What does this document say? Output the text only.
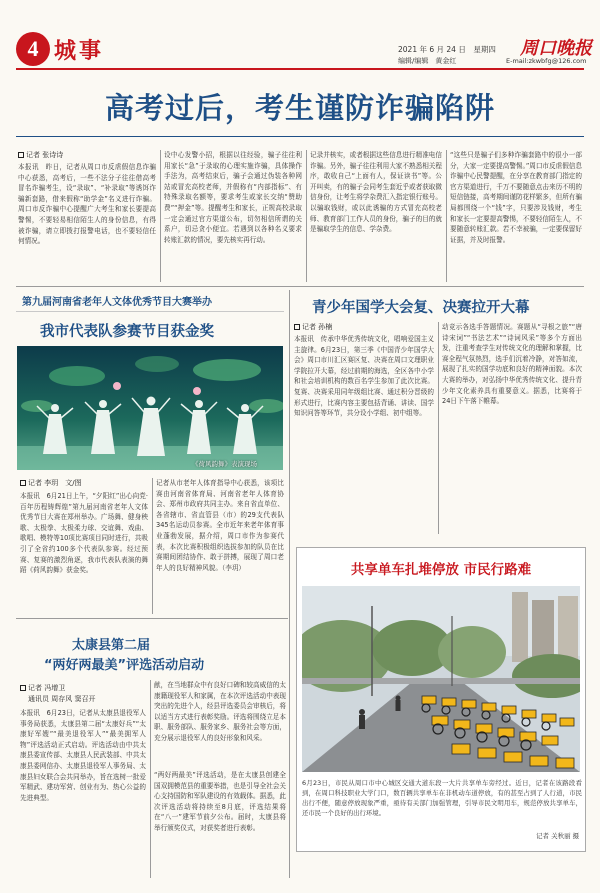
4 城事	2021 年 6 月 24 日　星期四
编辑/编辑　黄金红
周口晚报
E-mail:zkwbfg@126.com
高考过后，考生谨防诈骗陷阱
记者 张诗诗
本报讯　昨日，记者从周口市反虐假信息诈骗中心获悉，高考后，一些不法分子往往借高考冒名诈骗考生，设“录取”、“补录取”等诱饵诈骗新套路，借来假称“助学金”名义进行诈骗。周口市反诈骗中心提醒广大考生和家长要提高警惕，不要轻易相信陌生人的身份信息，有得被诈骗，请立即拨打报警电话，也不要轻信任何情况。
设中心发警小招，根据以往经验，骗子往往利用家长“急”于录取的心理实施诈骗，具体操作手法为，高考结束后，骗子会通过伪装各种网站或冒充高校老师，并假称有“内部指标”、有特殊录取名额等，要求考生或家长交纳“赞助费”“押金”等。提醒考生和家长，正规高校录取一定会通过官方渠道公布，切勿相信所谓的关系户，切忌贪小便宜。若遇到以各种名义要求转账汇款的情况，要先核实再行动。
记录并核实，或者根据这些信息进行精准电信诈骗。另外，骗子往往利用大家不熟悉相关程序，敢收自己“上面有人，保证读书”等。公开叫卖，有的骗子会同考生套近乎或者获取微信身份，让考生将学杂费汇入指定银行账号。以骗取钱财，或以此诱骗的方式冒充高校老师、教育部门工作人员的身份，骗子的目的就是骗取学生的信息、学杂费。
“这些只是骗子们多种诈骗套路中的很小一部分，大家一定要提高警惕。”周口市反虐假信息诈骗中心民警提醒，在分享在教育部门指定的官方渠道进行，千万不要随意点击来历不明的短信链接，高考期间谨防花样繁多，但所有骗局都围绕一个“钱”字，只要涉及钱财，考生和家长一定要提高警惕，不要轻信陌生人，不要随意转账汇款。若不幸被骗，一定要保留好证据，并及时报警。
第九届河南省老年人文体优秀节目大赛举办
我市代表队参赛节目获金奖
《荷风韵舞》表演现场
记者 李玥　文/图
本报讯　6月21日上午，“夕阳红”出心向党·百年历程铸辉煌”第九届河南省老年人文体优秀节目大赛在郑州举办。广场舞、健身秧歌、太极拳、太极柔力球、交谊舞、戏曲、歌唱、模特等10项比赛项目同时进行，共吸引了全省约100多个代表队参赛。经过预赛、复赛的激烈角逐，我市代表队表演的舞蹈《荷风韵舞》获金奖。
记者从市老年人体育指导中心获悉，该项比赛由河南省体育局、河南省老年人体育协会、郑州市政府共同主办。来自省直单位、各省辖市、省直管县（市）的29支代表队345名运动员参赛。全市近年来老年体育事业蓬勃发展，据介绍，周口市作为参赛代表，本次比赛积极组织选拔参加的队员在比赛期间团结协作、敢于拼搏，展现了周口老年人的良好精神风貌。（李玥）
青少年国学大会复、决赛拉开大幕
记者 孙楠
本报讯　传承中华优秀传统文化，唱响爱国主义主旋律。6月23日，第三季《中国青少年国学大会》周口市川汇区赛区复、决赛在周口文理职业学院拉开大幕，经过前期的海选，全区各中小学和社会培训机构的数百名学生参加了此次比赛。复赛、决赛采用同年级组比赛、通过积分晋级的形式进行，比赛内容主要包括背诵、讲读、国学知识问答等环节，共分设小学组、初中组等。
动竞示各选手答题情况。赛题从“寻根之旅”“唐诗宋词”“书法艺术”“诗词风采”等多个方面出发，注重考查学生对传统文化的理解和掌握，比赛全程气氛热烈，选手们沉着冷静，对答如流，展现了扎实的国学功底和良好的精神面貌。本次大赛的举办，对弘扬中华优秀传统文化、提升青少年文化素养具有重要意义。据悉，比赛将于24日下午落下帷幕。
太康县第二届
“两好两最美”评选活动启动
记者 冯增卫
通讯员 周存风 窦召开
本报讯　6月23日，记者从太康县退役军人事务局获悉，太康县第二届“太康好兵”“太康好军嫂”“最美退役军人”“最美拥军人物”评选活动正式启动。评选活动由中共太康县委宣传部、太康县人民武装部、中共太康县委网信办、太康县退役军人事务局、太康县妇女联合会共同举办，旨在选树一批爱军精武、建功军营、创业有为、热心公益的先进典型。
献，在当地群众中有良好口碑和较高威信的太康籍现役军人和家属，在本次评选活动中表现突出的先进个人，经县评选委员会审核后，将以适当方式进行表彰奖励。评选将围绕立足本职、服务部队、服务家乡、服务社会等方面，充分展示退役军人的良好形象和风采。
“两好两最美”评选活动，是在太康县创建全国双拥模范县的重要举措，也是引导全社会关心支持国防和军队建设的有效载体。据悉，此次评选活动将持续至8月底，评选结果将在“八一”建军节前夕公布。届时，太康县将举行颁奖仪式，对获奖者进行表彰。
共享单车扎堆停放 市民行路难
6月23日，市民从周口市中心城区交通大道东段一大片共享单车旁经过。近日，记者在该路段看到，在周口科技职业大学门口，数百辆共享单车在非机动车道停放，有的甚至占到了人行道，市民出行不便，随意停放现象严重，亟待有关部门加强管理，引导市民文明用车，规范停放共享单车，还市民一个良好的出行环境。
记者 关秋丽 摄
